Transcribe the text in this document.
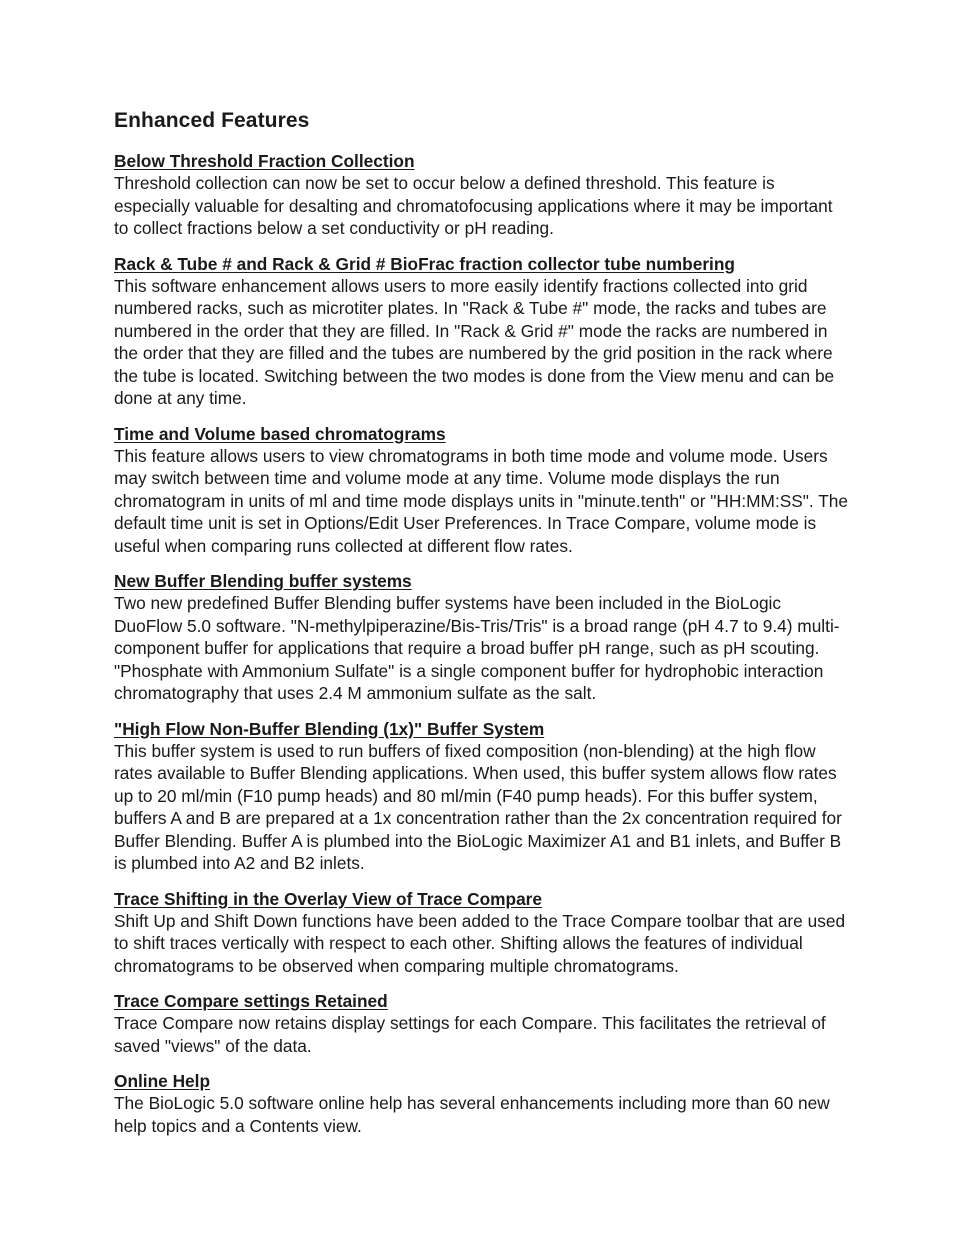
Enhanced Features

Below Threshold Fraction Collection

Threshold collection can now be set to occur below a defined threshold. This feature is especially valuable for desalting and chromatofocusing applications where it may be important to collect fractions below a set conductivity or pH reading.

Rack & Tube # and Rack & Grid # BioFrac fraction collector tube numbering

This software enhancement allows users to more easily identify fractions collected into grid numbered racks, such as microtiter plates. In "Rack & Tube #" mode, the racks and tubes are numbered in the order that they are filled. In "Rack & Grid #" mode the racks are numbered in the order that they are filled and the tubes are numbered by the grid position in the rack where the tube is located. Switching between the two modes is done from the View menu and can be done at any time.

Time and Volume based chromatograms

This feature allows users to view chromatograms in both time mode and volume mode. Users may switch between time and volume mode at any time. Volume mode displays the run chromatogram in units of ml and time mode displays units in "minute.tenth" or "HH:MM:SS". The default time unit is set in Options/Edit User Preferences. In Trace Compare, volume mode is useful when comparing runs collected at different flow rates.

New Buffer Blending buffer systems

Two new predefined Buffer Blending buffer systems have been included in the BioLogic DuoFlow 5.0 software. "N-methylpiperazine/Bis-Tris/Tris" is a broad range (pH 4.7 to 9.4) multi-component buffer for applications that require a broad buffer pH range, such as pH scouting. "Phosphate with Ammonium Sulfate" is a single component buffer for hydrophobic interaction chromatography that uses 2.4 M ammonium sulfate as the salt.

"High Flow Non-Buffer Blending (1x)" Buffer System

This buffer system is used to run buffers of fixed composition (non-blending) at the high flow rates available to Buffer Blending applications. When used, this buffer system allows flow rates up to 20 ml/min (F10 pump heads) and 80 ml/min (F40 pump heads). For this buffer system, buffers A and B are prepared at a 1x concentration rather than the 2x concentration required for Buffer Blending. Buffer A is plumbed into the BioLogic Maximizer A1 and B1 inlets, and Buffer B is plumbed into A2 and B2 inlets.

Trace Shifting in the Overlay View of Trace Compare

Shift Up and Shift Down functions have been added to the Trace Compare toolbar that are used to shift traces vertically with respect to each other. Shifting allows the features of individual chromatograms to be observed when comparing multiple chromatograms.

Trace Compare settings Retained

Trace Compare now retains display settings for each Compare. This facilitates the retrieval of saved "views" of the data.

Online Help

The BioLogic 5.0 software online help has several enhancements including more than 60 new help topics and a Contents view.
